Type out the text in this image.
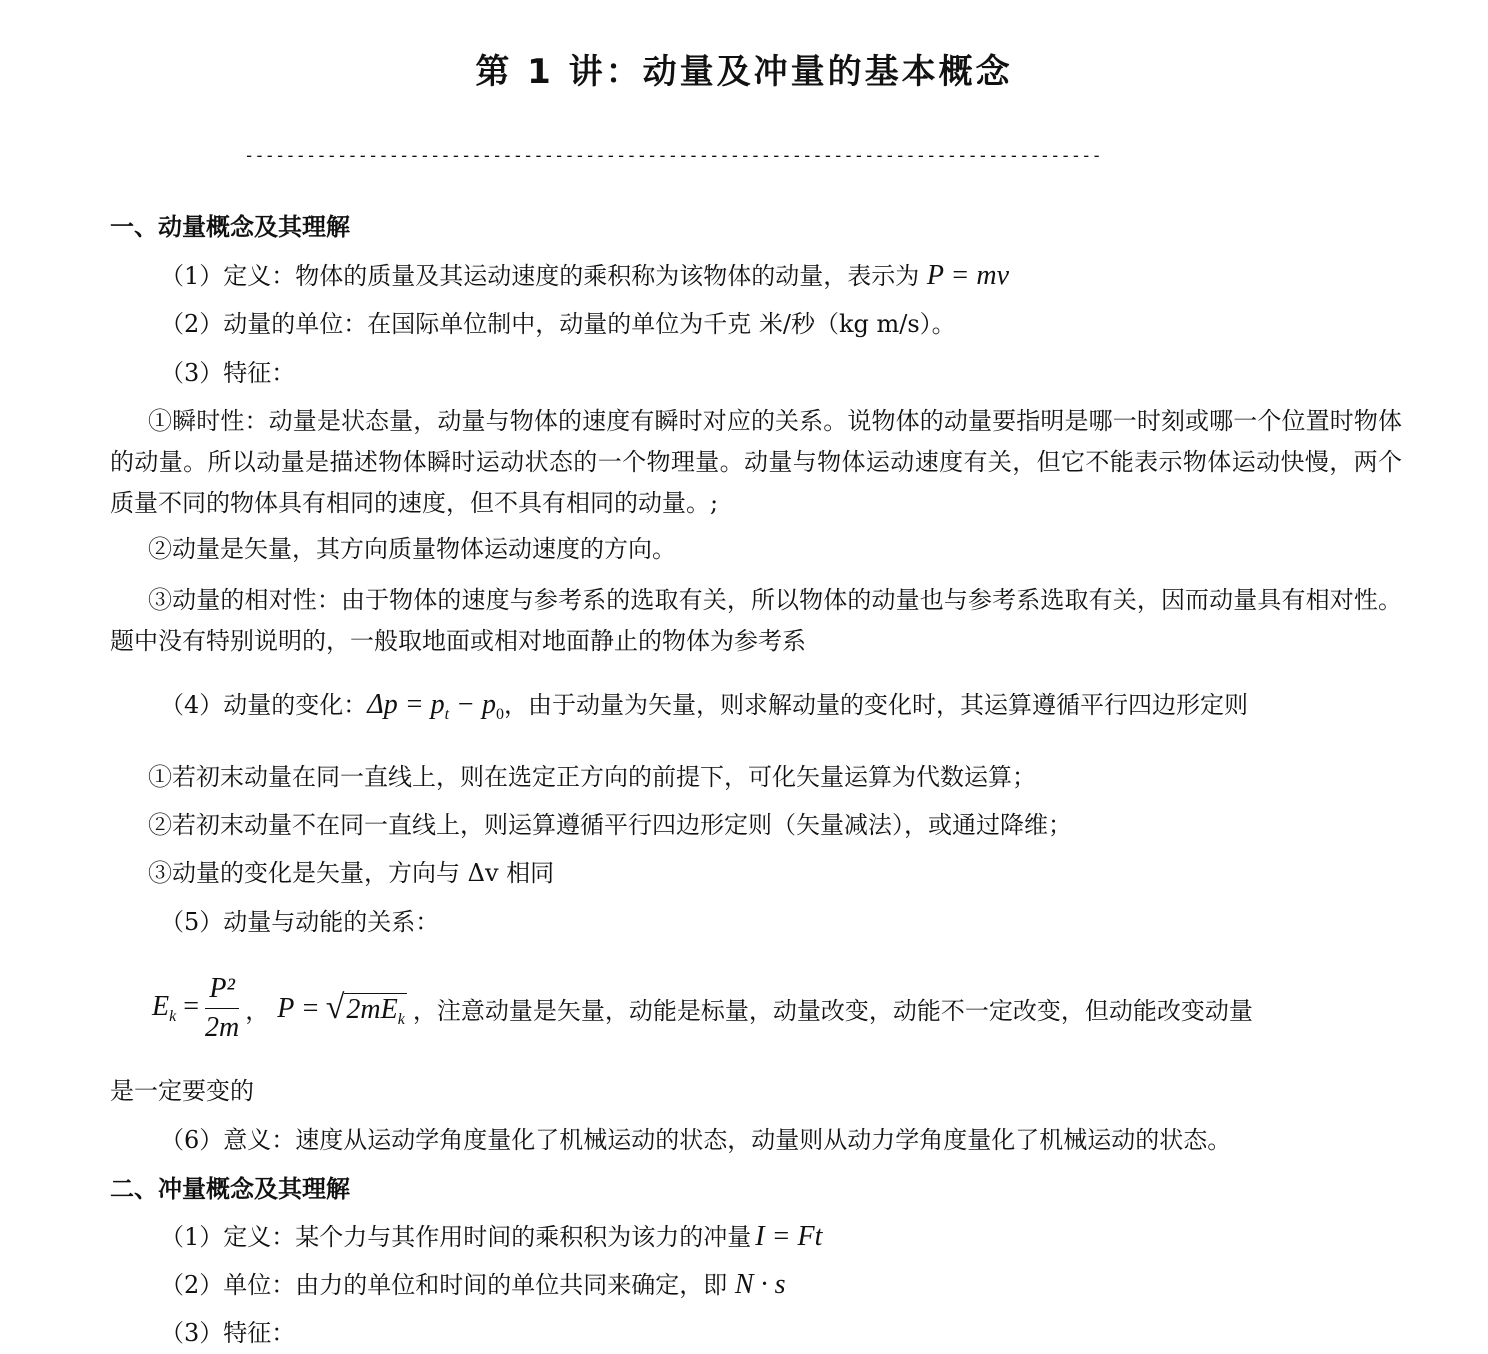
第 1 讲：动量及冲量的基本概念
-----------------------------------------------------------------------------------
一、动量概念及其理解
（1）定义：物体的质量及其运动速度的乘积称为该物体的动量，表示为 P = mv
（2）动量的单位：在国际单位制中，动量的单位为千克 米/秒（kg m/s）。
（3）特征：
①瞬时性：动量是状态量，动量与物体的速度有瞬时对应的关系。说物体的动量要指明是哪一时刻或哪一个位置时物体的动量。所以动量是描述物体瞬时运动状态的一个物理量。动量与物体运动速度有关，但它不能表示物体运动快慢，两个质量不同的物体具有相同的速度，但不具有相同的动量。;
②动量是矢量，其方向质量物体运动速度的方向。
③动量的相对性：由于物体的速度与参考系的选取有关，所以物体的动量也与参考系选取有关，因而动量具有相对性。题中没有特别说明的，一般取地面或相对地面静止的物体为参考系
（4）动量的变化：$\Delta p = p_t - p_0$，由于动量为矢量，则求解动量的变化时，其运算遵循平行四边形定则
①若初末动量在同一直线上，则在选定正方向的前提下，可化矢量运算为代数运算；
②若初末动量不在同一直线上，则运算遵循平行四边形定则（矢量减法），或通过降维；
③动量的变化是矢量，方向与 Δv 相同
（5）动量与动能的关系：
$E_k = \frac{\text{P²}}{2m}$ ， $P = √2mE_k$ ，注意动量是矢量，动能是标量，动量改变，动能不一定改变，但动能改变动量
是一定要变的
（6）意义：速度从运动学角度量化了机械运动的状态，动量则从动力学角度量化了机械运动的状态。
二、冲量概念及其理解
（1）定义：某个力与其作用时间的乘积积为该力的冲量 I = Ft
（2）单位：由力的单位和时间的单位共同来确定，即 N · s
（3）特征：
